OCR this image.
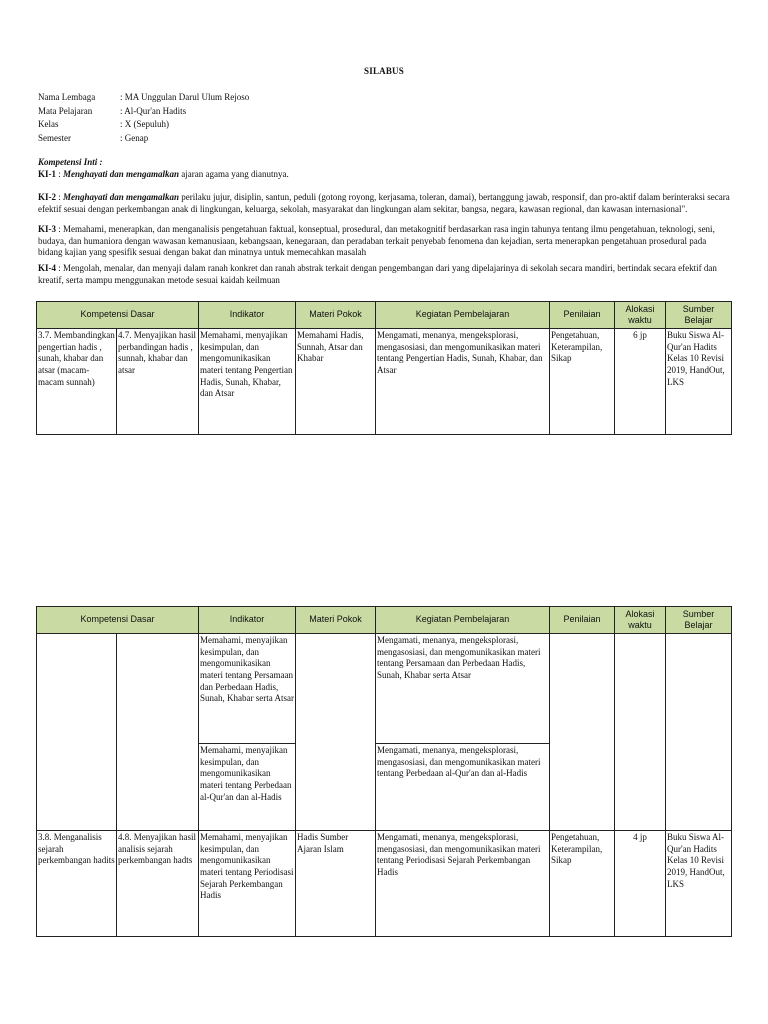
SILABUS
Nama Lembaga	: MA Unggulan Darul Ulum Rejoso
Mata Pelajaran	: Al-Qur'an Hadits
Kelas	: X (Sepuluh)
Semester	: Genap
Kompetensi Inti :
KI-1 : Menghayati dan mengamalkan ajaran agama yang dianutnya.
KI-2 : Menghayati dan mengamalkan perilaku jujur, disiplin, santun, peduli (gotong royong, kerjasama, toleran, damai), bertanggung jawab, responsif, dan pro-aktif dalam berinteraksi secara efektif sesuai dengan perkembangan anak di lingkungan, keluarga, sekolah, masyarakat dan lingkungan alam sekitar, bangsa, negara, kawasan regional, dan kawasan internasional".
KI-3 : Memahami, menerapkan, dan menganalisis pengetahuan faktual, konseptual, prosedural, dan metakognitif berdasarkan rasa ingin tahunya tentang ilmu pengetahuan, teknologi, seni, budaya, dan humaniora dengan wawasan kemanusiaan, kebangsaan, kenegaraan, dan peradaban terkait penyebab fenomena dan kejadian, serta menerapkan pengetahuan prosedural pada bidang kajian yang spesifik sesuai dengan bakat dan minatnya untuk memecahkan masalah
KI-4 : Mengolah, menalar, dan menyaji dalam ranah konkret dan ranah abstrak terkait dengan pengembangan dari yang dipelajarinya di sekolah secara mandiri, bertindak secara efektif dan kreatif, serta mampu menggunakan metode sesuai kaidah keilmuan
Kompetensi Dasar		Indikator	Materi Pokok	Kegiatan Pembelajaran	Penilaian	Alokasi waktu	Sumber Belajar
3.7. Membandingkan pengertian hadis , sunah, khabar dan atsar (macam-macam sunnah)	4.7. Menyajikan hasil perbandingan hadis , sunnah, khabar dan atsar	Memahami, menyajikan kesimpulan, dan mengomunikasikan materi tentang Pengertian Hadis, Sunah, Khabar, dan Atsar	Memahami Hadis, Sunnah, Atsar dan Khabar	Mengamati, menanya, mengeksplorasi, mengasosiasi, dan mengomunikasikan materi tentang Pengertian Hadis, Sunah, Khabar, dan Atsar	Pengetahuan, Keterampilan, Sikap	6 jp	Buku Siswa Al-Qur'an Hadits Kelas 10 Revisi 2019, HandOut, LKS
Kompetensi Dasar		Indikator	Materi Pokok	Kegiatan Pembelajaran	Penilaian	Alokasi waktu	Sumber Belajar
		Memahami, menyajikan kesimpulan, dan mengomunikasikan materi tentang Persamaan dan Perbedaan Hadis, Sunah, Khabar serta Atsar		Mengamati, menanya, mengeksplorasi, mengasosiasi, dan mengomunikasikan materi tentang Persamaan dan Perbedaan Hadis, Sunah, Khabar serta Atsar			
		Memahami, menyajikan kesimpulan, dan mengomunikasikan materi tentang Perbedaan al-Qur'an dan al-Hadis		Mengamati, menanya, mengeksplorasi, mengasosiasi, dan mengomunikasikan materi tentang Perbedaan al-Qur'an dan al-Hadis			
3.8. Menganalisis sejarah perkembangan hadits	4.8. Menyajikan hasil analisis sejarah perkembangan hadts	Memahami, menyajikan kesimpulan, dan mengomunikasikan materi tentang Periodisasi Sejarah Perkembangan Hadis	Hadis Sumber Ajaran Islam	Mengamati, menanya, mengeksplorasi, mengasosiasi, dan mengomunikasikan materi tentang Periodisasi Sejarah Perkembangan Hadis	Pengetahuan, Keterampilan, Sikap	4 jp	Buku Siswa Al-Qur'an Hadits Kelas 10 Revisi 2019, HandOut, LKS
